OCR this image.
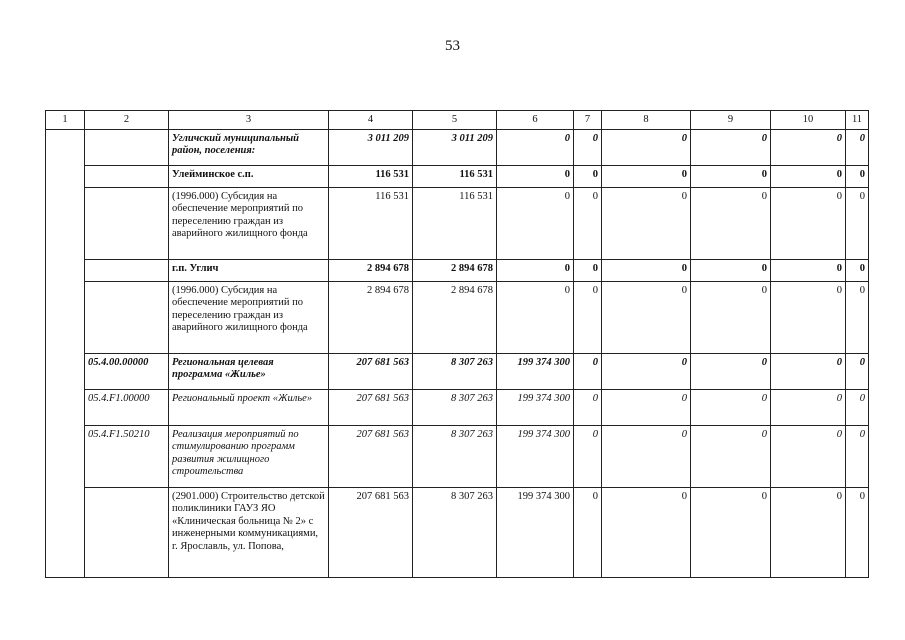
53
1	2	3	4	5	6	7	8	9	10	11
		Угличский муниципальный район, поселения:	3 011 209	3 011 209	0	0	0	0	0	0
		Улейминское с.п.	116 531	116 531	0	0	0	0	0	0
		(1996.000) Субсидия на обеспечение мероприятий по переселению граждан из аварийного жилищного фонда	116 531	116 531	0	0	0	0	0	0
		г.п. Углич	2 894 678	2 894 678	0	0	0	0	0	0
		(1996.000) Субсидия на обеспечение мероприятий по переселению граждан из аварийного жилищного фонда	2 894 678	2 894 678	0	0	0	0	0	0
	05.4.00.00000	Региональная целевая программа «Жилье»	207 681 563	8 307 263	199 374 300	0	0	0	0	0
	05.4.F1.00000	Региональный проект «Жилье»	207 681 563	8 307 263	199 374 300	0	0	0	0	0
	05.4.F1.50210	Реализация мероприятий по стимулированию программ развития жилищного строительства	207 681 563	8 307 263	199 374 300	0	0	0	0	0
		(2901.000) Строительство детской поликлиники ГАУЗ ЯО «Клиническая больница № 2» с инженерными коммуникациями, г. Ярославль, ул. Попова,	207 681 563	8 307 263	199 374 300	0	0	0	0	0
